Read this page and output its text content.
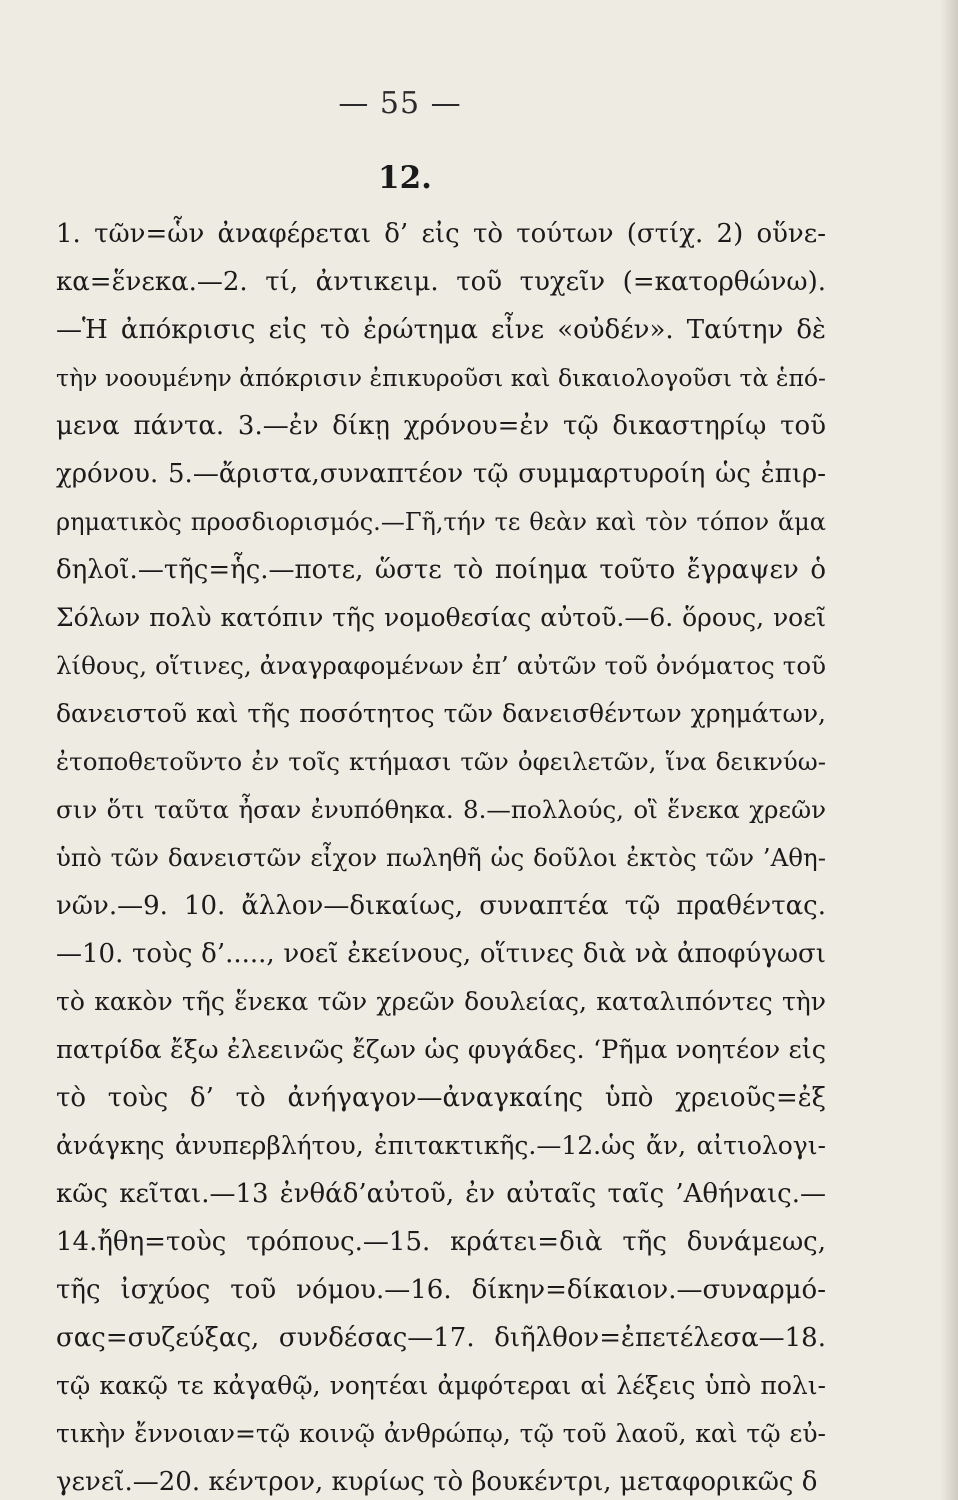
— 55 —
12.
1. τῶν=ὧν ἀναφέρεται δ’ εἰς τὸ τούτων (στίχ. 2) οὕνε-
κα=ἕνεκα.—2. τί, ἀντικειμ. τοῦ τυχεῖν (=κατορθώνω).
—Ἡ ἀπόκρισις εἰς τὸ ἐρώτημα εἶνε «οὐδέν». Ταύτην δὲ
τὴν νοουμένην ἀπόκρισιν ἐπικυροῦσι καὶ δικαιολογοῦσι τὰ ἑπό-
μενα πάντα. 3.—ἐν δίκῃ χρόνου=ἐν τῷ δικαστηρίῳ τοῦ
χρόνου. 5.—ἄριστα,συναπτέον τῷ συμμαρτυροίη ὡς ἐπιρ-
ρηματικὸς προσδιορισμός.—Γῆ,τήν τε θεὰν καὶ τὸν τόπον ἅμα
δηλοῖ.—τῆς=ἧς.—ποτε, ὥστε τὸ ποίημα τοῦτο ἔγραψεν ὁ
Σόλων πολὺ κατόπιν τῆς νομοθεσίας αὐτοῦ.—6. ὅρους, νοεῖ
λίθους, οἵτινες, ἀναγραφομένων ἐπ’ αὐτῶν τοῦ ὀνόματος τοῦ
δανειστοῦ καὶ τῆς ποσότητος τῶν δανεισθέντων χρημάτων,
ἐτοποθετοῦντο ἐν τοῖς κτήμασι τῶν ὀφειλετῶν, ἵνα δεικνύω-
σιν ὅτι ταῦτα ἦσαν ἐνυπόθηκα. 8.—πολλούς, οἳ ἕνεκα χρεῶν
ὑπὸ τῶν δανειστῶν εἶχον πωληθῆ ὡς δοῦλοι ἐκτὸς τῶν ’Αθη-
νῶν.—9. 10. ἄλλον—δικαίως, συναπτέα τῷ πραθέντας.
—10. τοὺς δ’....., νοεῖ ἐκείνους, οἵτινες διὰ νὰ ἀποφύγωσι
τὸ κακὸν τῆς ἕνεκα τῶν χρεῶν δουλείας, καταλιπόντες τὴν
πατρίδα ἔξω ἐλεεινῶς ἔζων ὡς φυγάδες. ‘Ρῆμα νοητέον εἰς
τὸ τοὺς δ’ τὸ ἀνήγαγον—ἀναγκαίης ὑπὸ χρειοῦς=ἐξ
ἀνάγκης ἀνυπερβλήτου, ἐπιτακτικῆς.—12.ὡς ἄν, αἰτιολογι-
κῶς κεῖται.—13 ἐνθάδ’αὐτοῦ, ἐν αὐταῖς ταῖς ’Αθήναις.—
14.ἤθη=τοὺς τρόπους.—15. κράτει=διὰ τῆς δυνάμεως,
τῆς ἰσχύος τοῦ νόμου.—16. δίκην=δίκαιον.—συναρμό-
σας=συζεύξας, συνδέσας—17. διῆλθον=ἐπετέλεσα—18.
τῷ κακῷ τε κἀγαθῷ, νοητέαι ἀμφότεραι αἱ λέξεις ὑπὸ πολι-
τικὴν ἔννοιαν=τῷ κοινῷ ἀνθρώπῳ, τῷ τοῦ λαοῦ, καὶ τῷ εὐ-
γενεῖ.—20. κέντρον, κυρίως τὸ βουκέντρι, μεταφορικῶς δ
